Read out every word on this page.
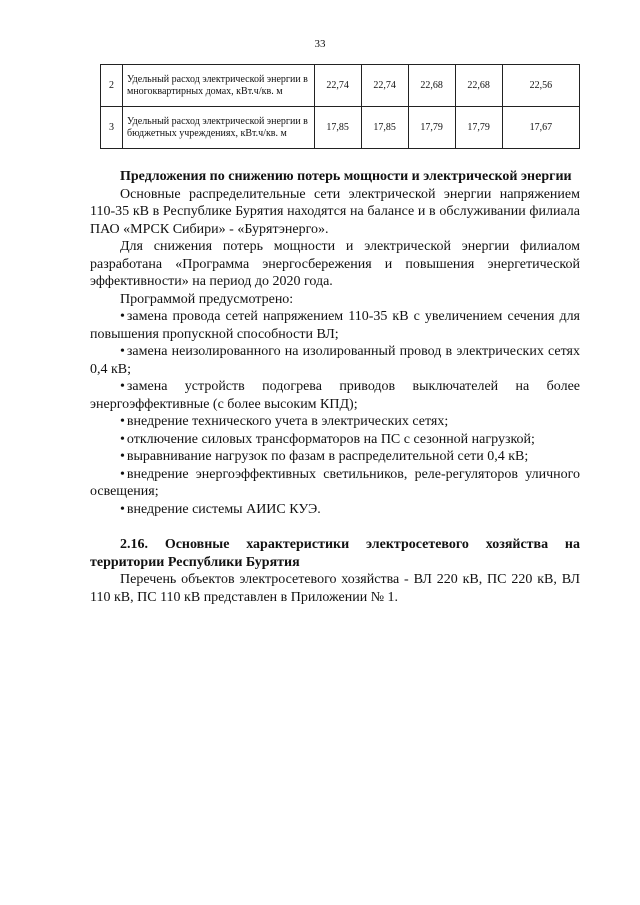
33
2	Удельный расход электрической энергии в многоквартирных домах, кВт.ч/кв. м	22,74	22,74	22,68	22,68	22,56
3	Удельный расход электрической энергии в бюджетных учреждениях, кВт.ч/кв. м	17,85	17,85	17,79	17,79	17,67

Предложения по снижению потерь мощности и электрической энергии

Основные распределительные сети электрической энергии напряжением 110-35 кВ в Республике Бурятия находятся на балансе и в обслуживании филиала ПАО «МРСК Сибири» - «Бурятэнерго».

Для снижения потерь мощности и электрической энергии филиалом разработана «Программа энергосбережения и повышения энергетической эффективности» на период до 2020 года.

Программой предусмотрено:

• замена провода сетей напряжением 110-35 кВ с увеличением сечения для повышения пропускной способности ВЛ;

• замена неизолированного на изолированный провод в электрических сетях 0,4 кВ;

• замена устройств подогрева приводов выключателей на более энергоэффективные (с более высоким КПД);

• внедрение технического учета в электрических сетях;

• отключение силовых трансформаторов на ПС с сезонной нагрузкой;

• выравнивание нагрузок по фазам в распределительной сети 0,4 кВ;

• внедрение энергоэффективных светильников, реле-регуляторов уличного освещения;

• внедрение системы АИИС КУЭ.

2.16. Основные характеристики электросетевого хозяйства на территории Республики Бурятия

Перечень объектов электросетевого хозяйства - ВЛ 220 кВ, ПС 220 кВ, ВЛ 110 кВ, ПС 110 кВ представлен в Приложении № 1.
